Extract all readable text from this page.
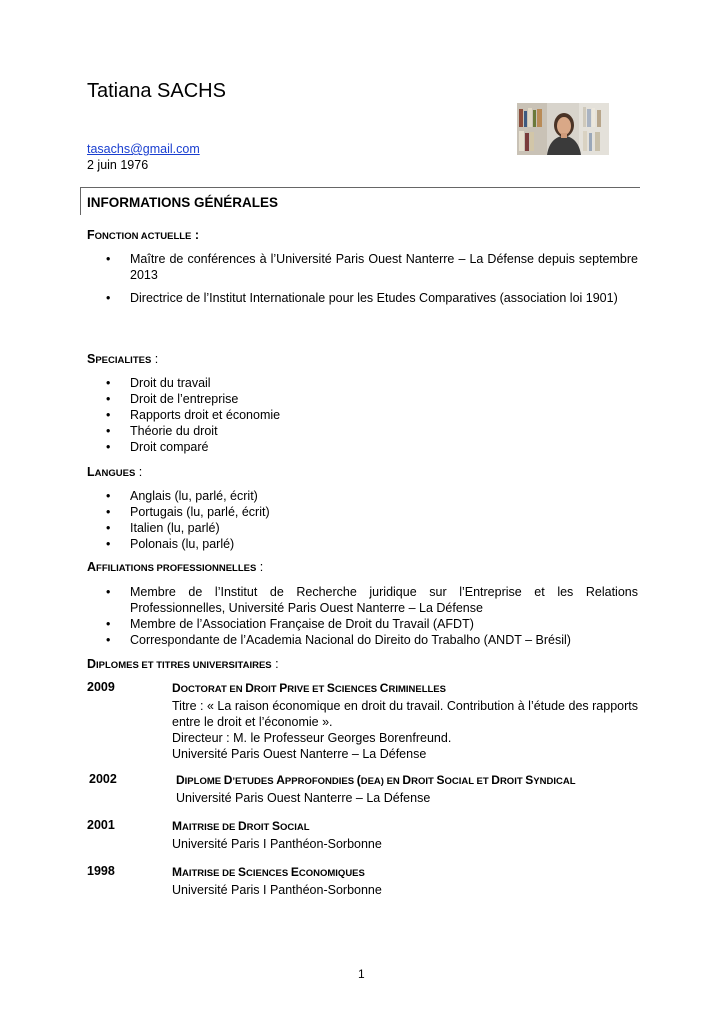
Tatiana SACHS
tasachs@gmail.com
2 juin 1976
INFORMATIONS GÉNÉRALES
FONCTION ACTUELLE :
• Maître de conférences à l’Université Paris Ouest Nanterre – La Défense depuis septembre 2013
• Directrice de l’Institut Internationale pour les Etudes Comparatives (association loi 1901)
SPECIALITES :
• Droit du travail
• Droit de l’entreprise
• Rapports droit et économie
• Théorie du droit
• Droit comparé
LANGUES :
• Anglais (lu, parlé, écrit)
• Portugais (lu, parlé, écrit)
• Italien (lu, parlé)
• Polonais (lu, parlé)
AFFILIATIONS PROFESSIONNELLES :
• Membre de l’Institut de Recherche juridique sur l’Entreprise et les Relations Professionnelles, Université Paris Ouest Nanterre – La Défense
• Membre de l’Association Française de Droit du Travail (AFDT)
• Correspondante de l’Academia Nacional do Direito do Trabalho (ANDT – Brésil)
DIPLOMES ET TITRES UNIVERSITAIRES :
2009	DOCTORAT EN DROIT PRIVE ET SCIENCES CRIMINELLES
Titre : « La raison économique en droit du travail. Contribution à l’étude des rapports entre le droit et l’économie ».
Directeur : M. le Professeur Georges Borenfreund.
Université Paris Ouest Nanterre – La Défense
2002	DIPLOME D’ETUDES APPROFONDIES (DEA) EN DROIT SOCIAL ET DROIT SYNDICAL
Université Paris Ouest Nanterre – La Défense
2001	MAITRISE DE DROIT SOCIAL
Université Paris I Panthéon-Sorbonne
1998	MAITRISE DE SCIENCES ECONOMIQUES
Université Paris I Panthéon-Sorbonne
1
